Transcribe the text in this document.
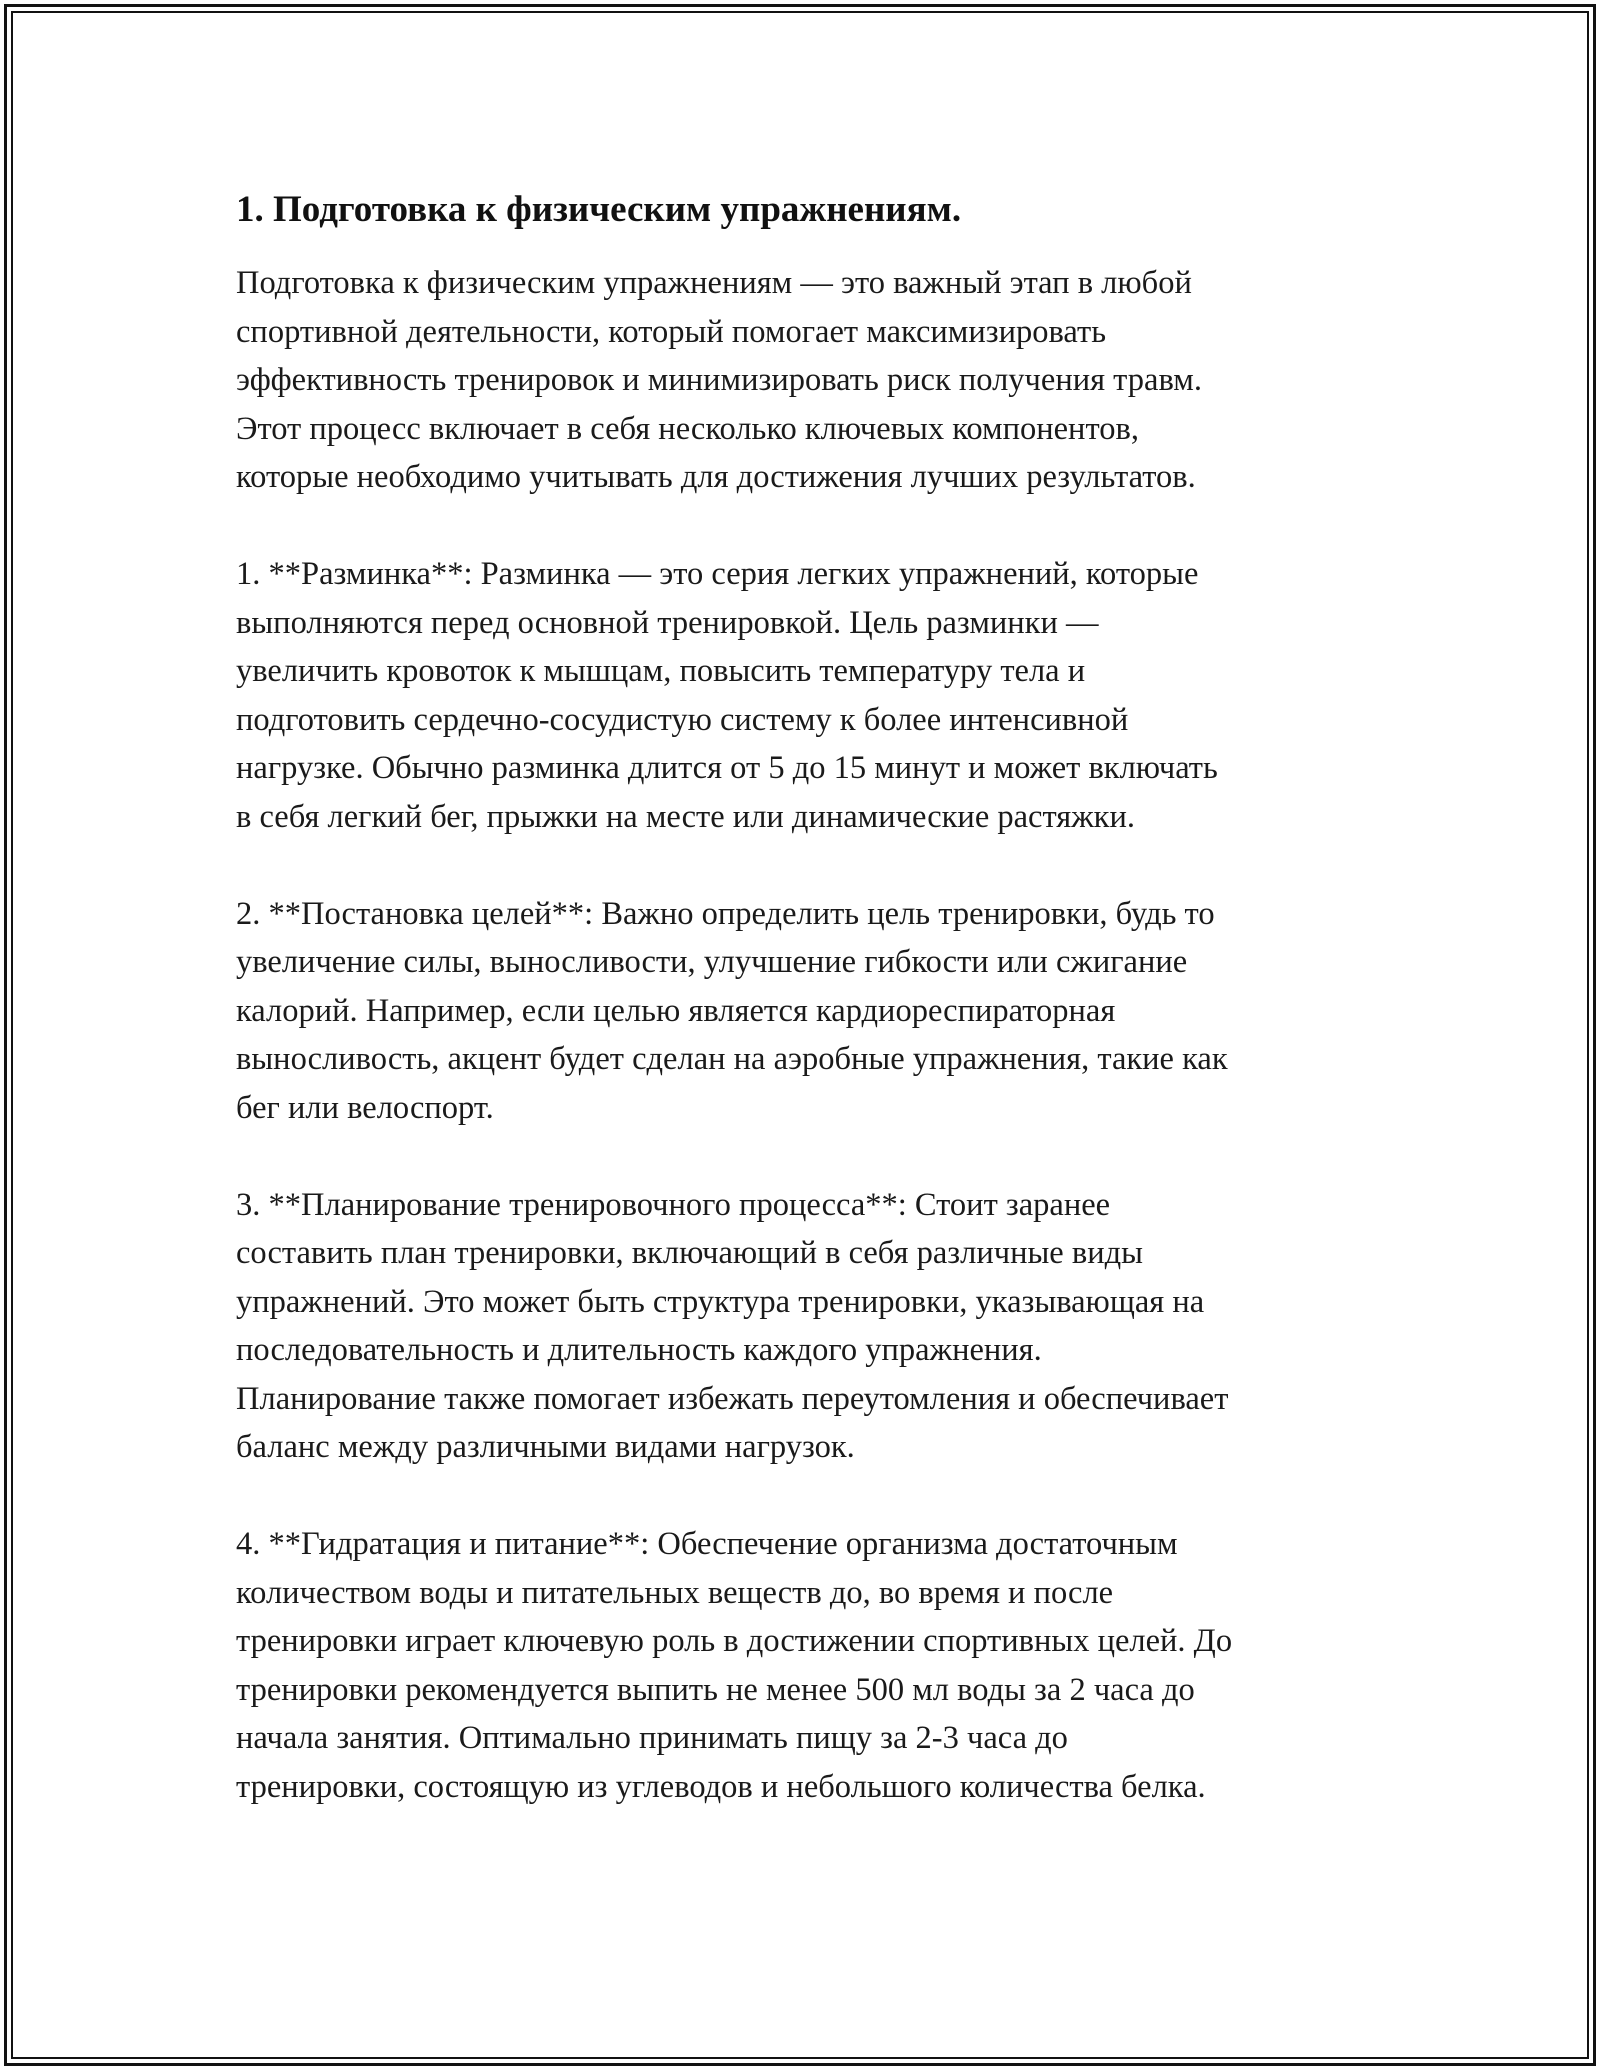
1. Подготовка к физическим упражнениям.

Подготовка к физическим упражнениям — это важный этап в любой
спортивной деятельности, который помогает максимизировать
эффективность тренировок и минимизировать риск получения травм.
Этот процесс включает в себя несколько ключевых компонентов,
которые необходимо учитывать для достижения лучших результатов.

1. **Разминка**: Разминка — это серия легких упражнений, которые
выполняются перед основной тренировкой. Цель разминки —
увеличить кровоток к мышцам, повысить температуру тела и
подготовить сердечно-сосудистую систему к более интенсивной
нагрузке. Обычно разминка длится от 5 до 15 минут и может включать
в себя легкий бег, прыжки на месте или динамические растяжки.

2. **Постановка целей**: Важно определить цель тренировки, будь то
увеличение силы, выносливости, улучшение гибкости или сжигание
калорий. Например, если целью является кардиореспираторная
выносливость, акцент будет сделан на аэробные упражнения, такие как
бег или велоспорт.

3. **Планирование тренировочного процесса**: Стоит заранее
составить план тренировки, включающий в себя различные виды
упражнений. Это может быть структура тренировки, указывающая на
последовательность и длительность каждого упражнения.
Планирование также помогает избежать переутомления и обеспечивает
баланс между различными видами нагрузок.

4. **Гидратация и питание**: Обеспечение организма достаточным
количеством воды и питательных веществ до, во время и после
тренировки играет ключевую роль в достижении спортивных целей. До
тренировки рекомендуется выпить не менее 500 мл воды за 2 часа до
начала занятия. Оптимально принимать пищу за 2-3 часа до
тренировки, состоящую из углеводов и небольшого количества белка.
